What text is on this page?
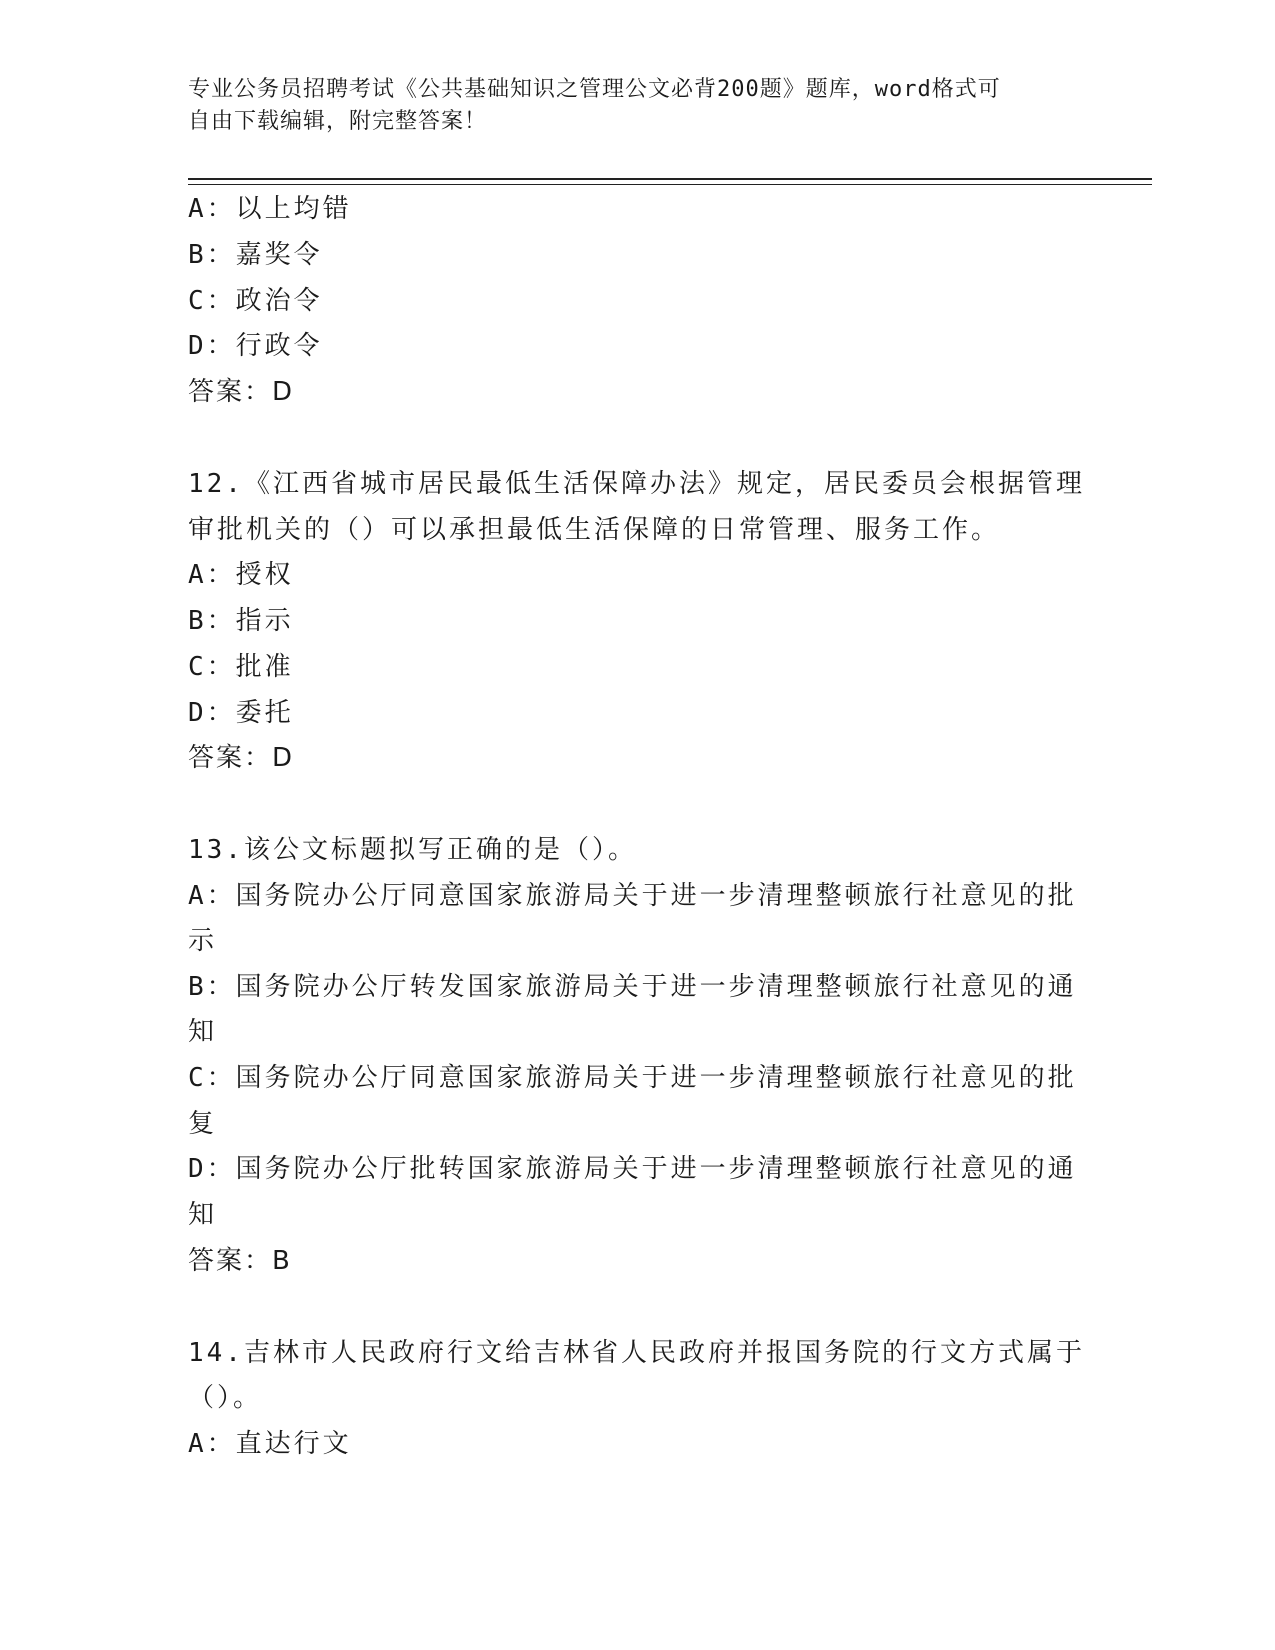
专业公务员招聘考试《公共基础知识之管理公文必背200题》题库，word格式可
自由下载编辑，附完整答案！
A：以上均错
B：嘉奖令
C：政治令
D：行政令
答案：D
12.《江西省城市居民最低生活保障办法》规定，居民委员会根据管理
审批机关的（）可以承担最低生活保障的日常管理、服务工作。
A：授权
B：指示
C：批准
D：委托
答案：D
13.该公文标题拟写正确的是（）。
A：国务院办公厅同意国家旅游局关于进一步清理整顿旅行社意见的批
示
B：国务院办公厅转发国家旅游局关于进一步清理整顿旅行社意见的通
知
C：国务院办公厅同意国家旅游局关于进一步清理整顿旅行社意见的批
复
D：国务院办公厅批转国家旅游局关于进一步清理整顿旅行社意见的通
知
答案：B
14.吉林市人民政府行文给吉林省人民政府并报国务院的行文方式属于
（）。
A：直达行文
